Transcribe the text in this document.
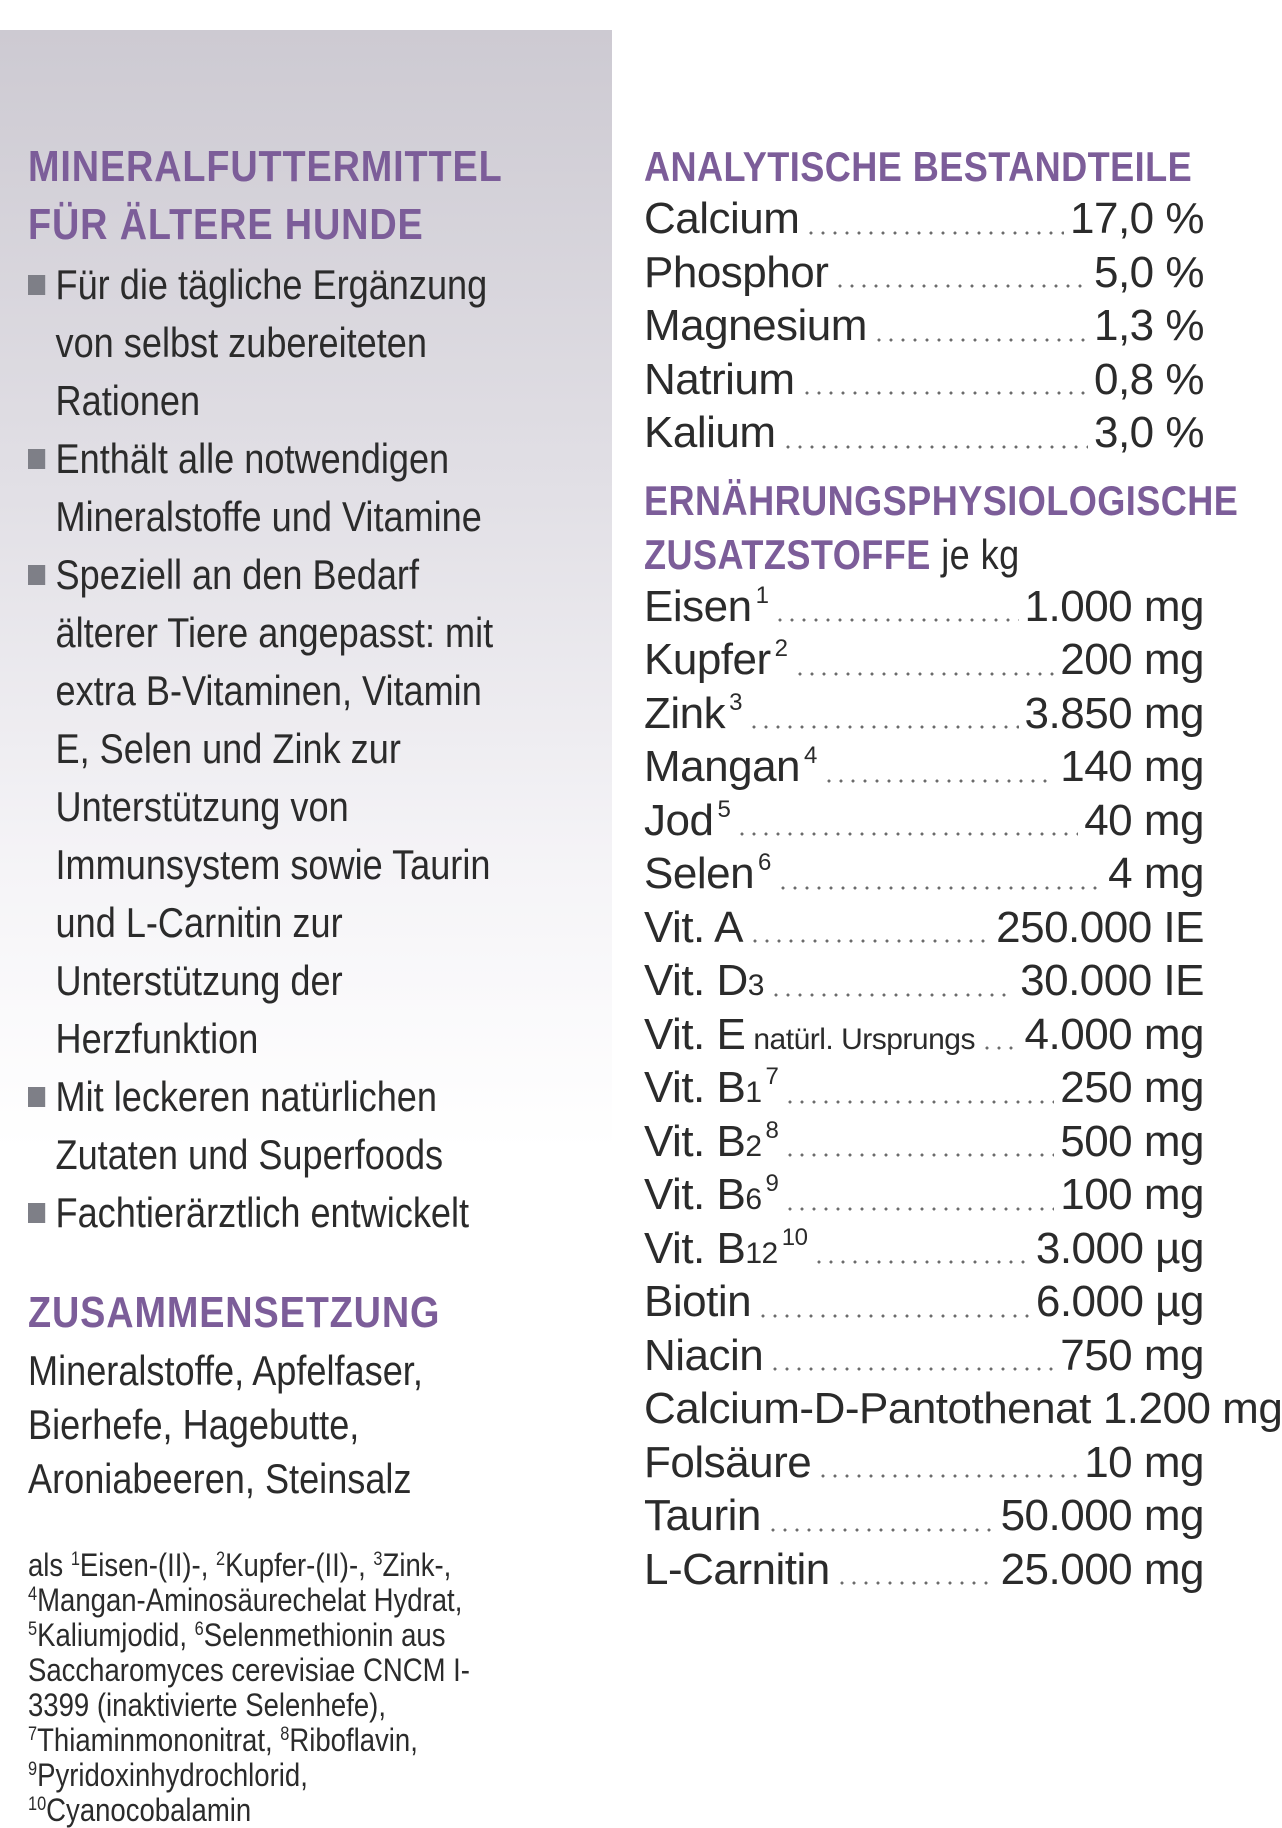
MINERALFUTTERMITTEL
FÜR ÄLTERE HUNDE
Für die tägliche Ergänzung von selbst zubereiteten Rationen
Enthält alle notwendigen Mineralstoffe und Vitamine
Speziell an den Bedarf älterer Tiere angepasst: mit extra B-Vitaminen, Vitamin E, Selen und Zink zur Unterstützung von Immunsystem sowie Taurin und L-Carnitin zur Unterstützung der Herzfunktion
Mit leckeren natürlichen Zutaten und Superfoods
Fachtierärztlich entwickelt
ZUSAMMENSETZUNG
Mineralstoffe, Apfelfaser, Bierhefe, Hagebutte, Aroniabeeren, Steinsalz
als $^1$Eisen-(II)-, $^2$Kupfer-(II)-, $^3$Zink-, $^4$Mangan-Aminosäurechelat Hydrat, $^5$Kaliumjodid, $^6$Selenmethionin aus Saccharomyces cerevisiae CNCM I-3399 (inaktivierte Selenhefe), $^7$Thiaminmononitrat, $^8$Riboflavin, $^9$Pyridoxinhydrochlorid, $^{10}$Cyanocobalamin
ANALYTISCHE BESTANDTEILE
Calcium	17,0 %
Phosphor	5,0 %
Magnesium	1,3 %
Natrium	0,8 %
Kalium	3,0 %
ERNÄHRUNGSPHYSIOLOGISCHE
ZUSATZSTOFFE je kg
Eisen $^1$	1.000 mg
Kupfer $^2$	200 mg
Zink $^3$	3.850 mg
Mangan $^4$	140 mg
Jod $^5$	40 mg
Selen $^6$	4 mg
Vit. A	250.000 IE
Vit. D3	30.000 IE
Vit. E natürl. Ursprungs 4.000 mg
Vit. B1 $^7$	250 mg
Vit. B2 $^8$	500 mg
Vit. B6 $^9$	100 mg
Vit. B12 $^{10}$	3.000 µg
Biotin	6.000 µg
Niacin	750 mg
Calcium-D-Pantothenat 1.200 mg
Folsäure	10 mg
Taurin	50.000 mg
L-Carnitin	25.000 mg
